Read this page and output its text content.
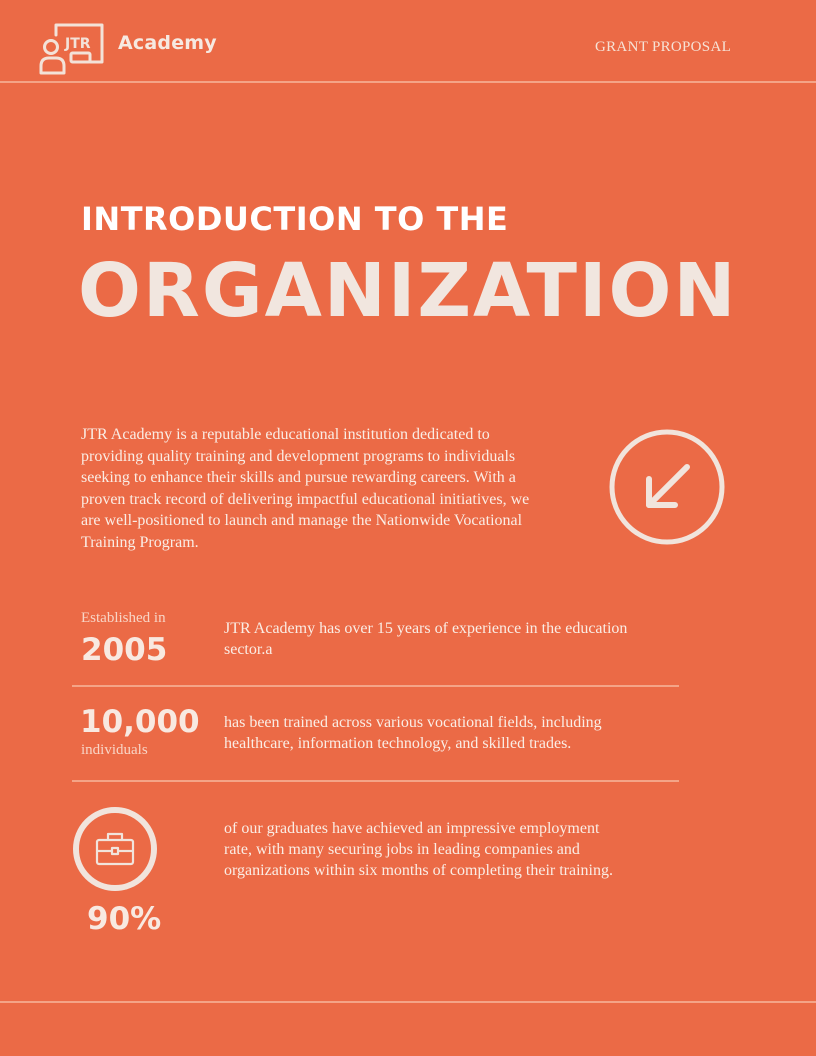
JTR Academy	GRANT PROPOSAL
INTRODUCTION TO THE
ORGANIZATION
JTR Academy is a reputable educational institution dedicated to providing quality training and development programs to individuals seeking to enhance their skills and pursue rewarding careers. With a proven track record of delivering impactful educational initiatives, we are well-positioned to launch and manage the Nationwide Vocational Training Program.
Established in
2005
JTR Academy has over 15 years of experience in the education sector.a
10,000
individuals
has been trained across various vocational fields, including healthcare, information technology, and skilled trades.
90%
of our graduates have achieved an impressive employment rate, with many securing jobs in leading companies and organizations within six months of completing their training.
